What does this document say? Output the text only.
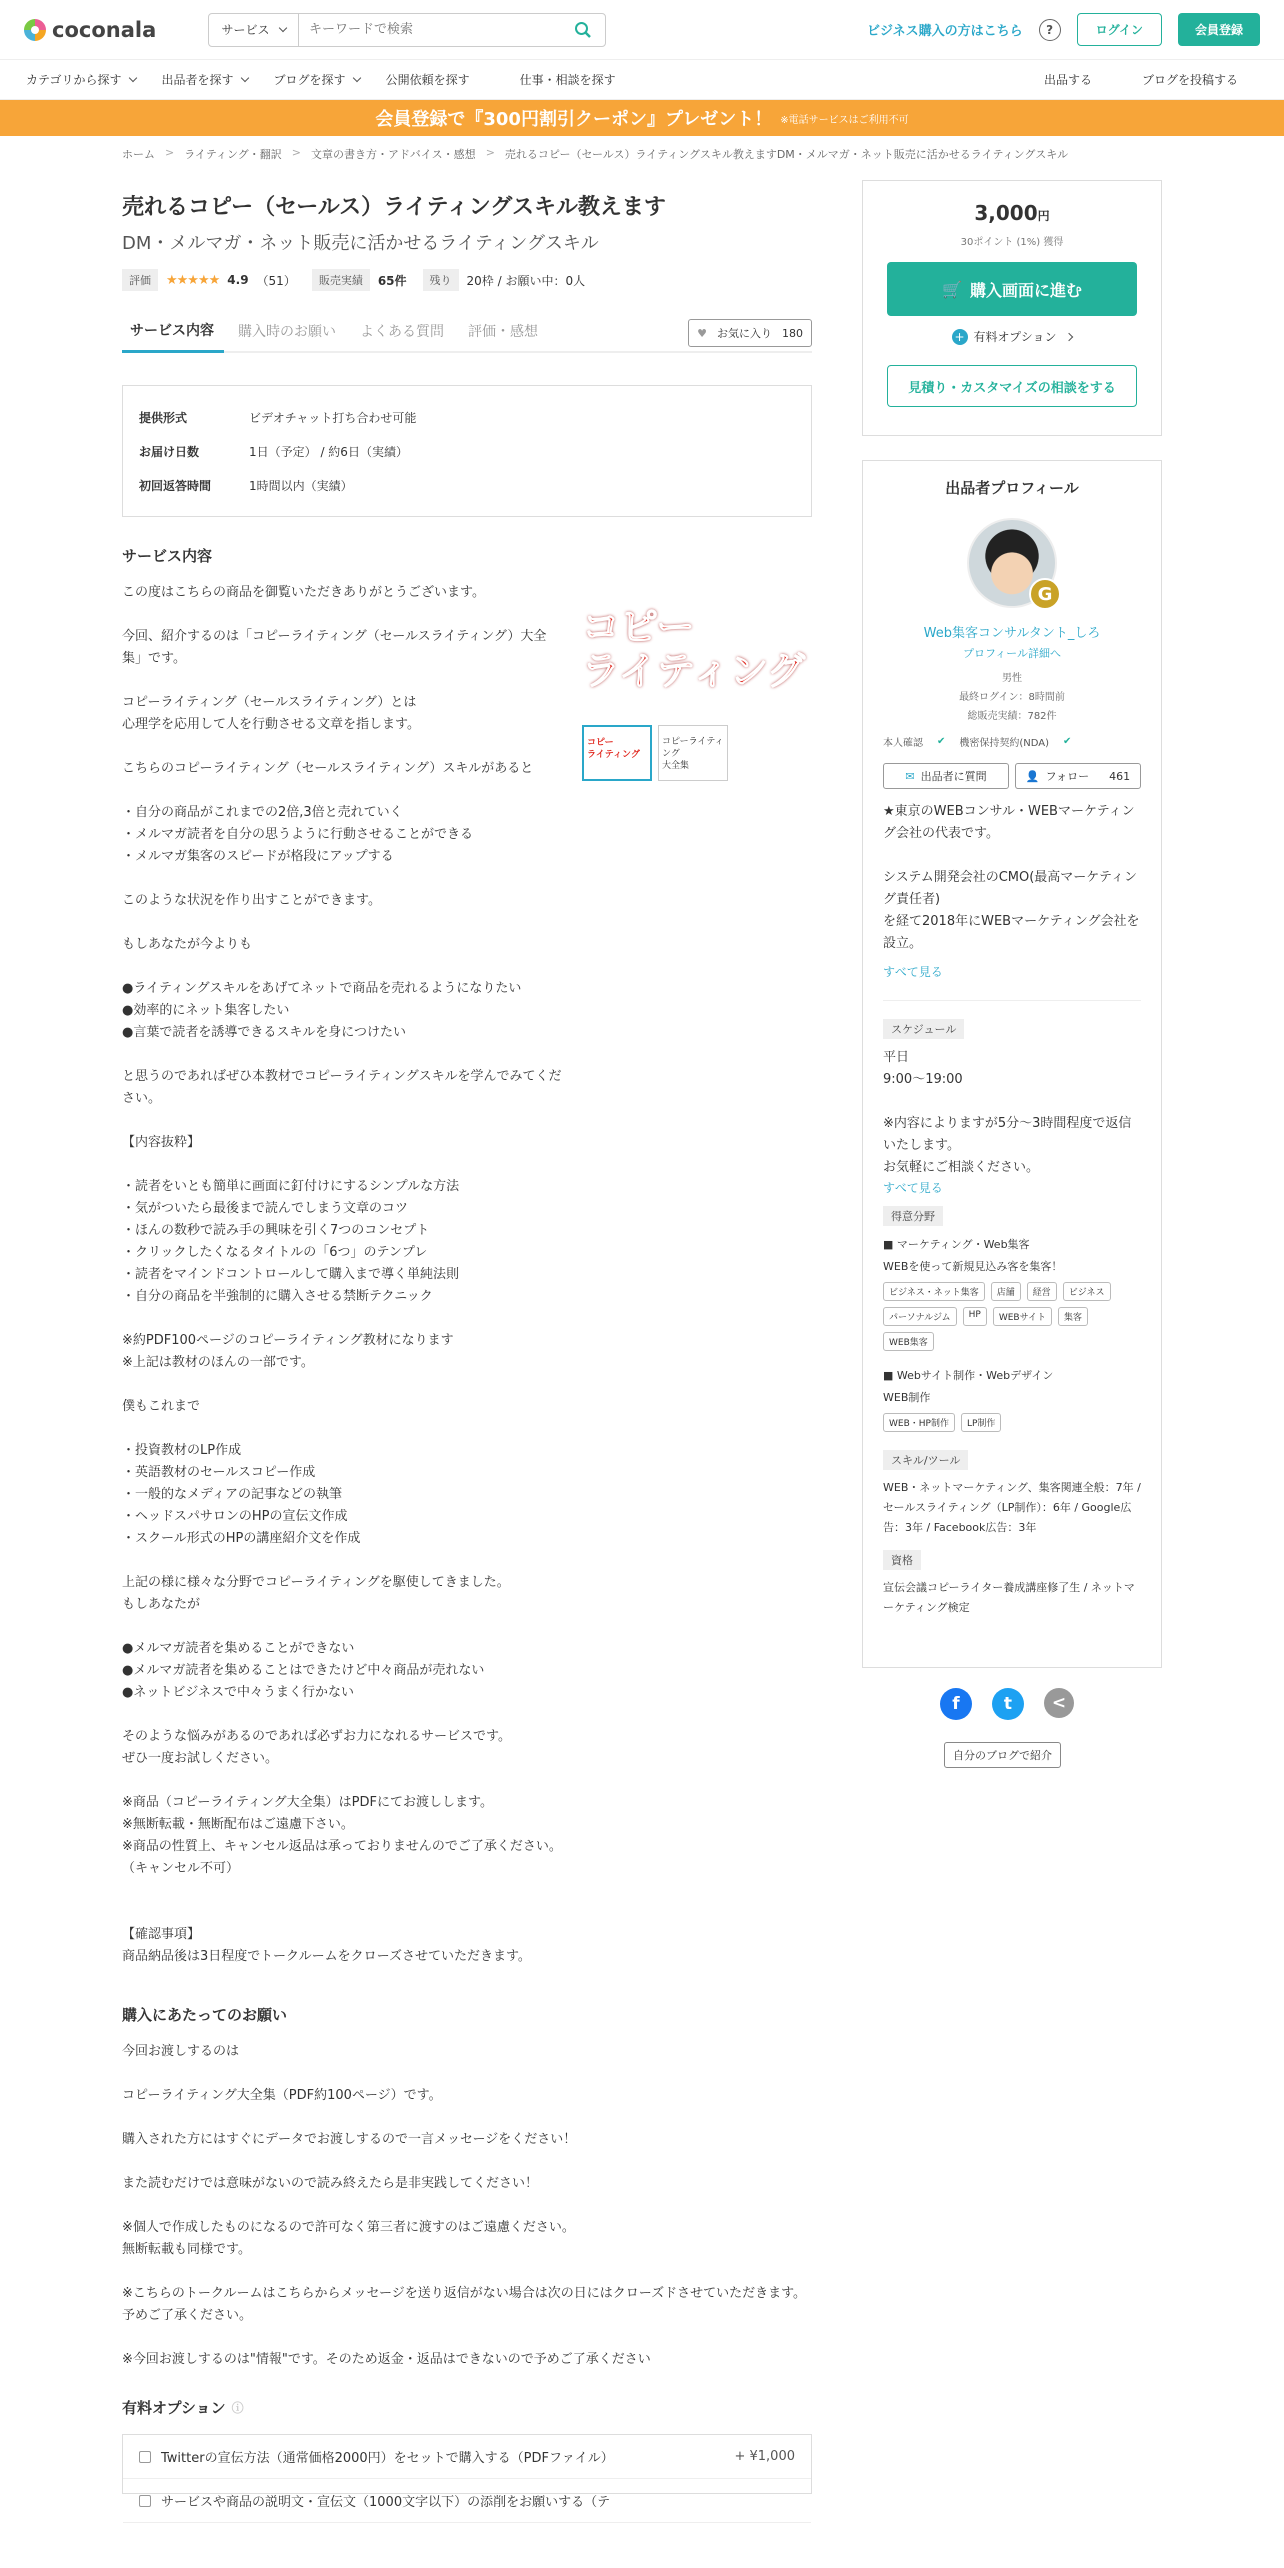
coconala	サービス
キーワードで検索	ビジネス購入の方はこちら	?	ログイン	会員登録
カテゴリから探す	出品者を探す	ブログを探す	公開依頼を探す	仕事・相談を探す	出品する	ブログを投稿する
会員登録で『300円割引クーポン』プレゼント！ ※電話サービスはご利用不可
ホーム > ライティング・翻訳 > 文章の書き方・アドバイス・感想 > 売れるコピー（セールス）ライティングスキル教えますDM・メルマガ・ネット販売に活かせるライティングスキル
売れるコピー（セールス）ライティングスキル教えます
DM・メルマガ・ネット販売に活かせるライティングスキル
評価	★★★★★ 4.9 （51）	販売実績	65件	残り	20枠 / お願い中：0人
サービス内容	購入時のお願い	よくある質問	評価・感想	♥ お気に入り 180
提供形式	ビデオチャット打ち合わせ可能
お届け日数	1日（予定） / 約6日（実績）
初回返答時間	1時間以内（実績）
サービス内容
この度はこちらの商品を御覧いただきありがとうございます。

今回、紹介するのは「コピーライティング（セールスライティング）大全集」です。

コピーライティング（セールスライティング）とは
心理学を応用して人を行動させる文章を指します。

こちらのコピーライティング（セールスライティング）スキルがあると

・自分の商品がこれまでの2倍,3倍と売れていく
・メルマガ読者を自分の思うように行動させることができる
・メルマガ集客のスピードが格段にアップする

このような状況を作り出すことができます。

もしあなたが今よりも

●ライティングスキルをあげてネットで商品を売れるようになりたい
●効率的にネット集客したい
●言葉で読者を誘導できるスキルを身につけたい

と思うのであればぜひ本教材でコピーライティングスキルを学んでみてください。

【内容抜粋】

・読者をいとも簡単に画面に釘付けにするシンプルな方法
・気がついたら最後まで読んでしまう文章のコツ
・ほんの数秒で読み手の興味を引く7つのコンセプト
・クリックしたくなるタイトルの「6つ」のテンプレ
・読者をマインドコントロールして購入まで導く単純法則
・自分の商品を半強制的に購入させる禁断テクニック

※約PDF100ページのコピーライティング教材になります
※上記は教材のほんの一部です。

僕もこれまで

・投資教材のLP作成
・英語教材のセールスコピー作成
・一般的なメディアの記事などの執筆
・ヘッドスパサロンのHPの宣伝文作成
・スクール形式のHPの講座紹介文を作成

上記の様に様々な分野でコピーライティングを駆使してきました。
もしあなたが

●メルマガ読者を集めることができない
●メルマガ読者を集めることはできたけど中々商品が売れない
●ネットビジネスで中々うまく行かない

そのような悩みがあるのであれば必ずお力になれるサービスです。
ぜひ一度お試しください。

※商品（コピーライティング大全集）はPDFにてお渡しします。
※無断転載・無断配布はご遠慮下さい。
※商品の性質上、キャンセル返品は承っておりませんのでご了承ください。（キャンセル不可）

【確認事項】
商品納品後は3日程度でトークルームをクローズさせていただきます。
コピー
ライティング
コピー
ライティング
コピーライティング
大全集
購入にあたってのお願い
今回お渡しするのは

コピーライティング大全集（PDF約100ページ）です。

購入された方にはすぐにデータでお渡しするので一言メッセージをください！

また読むだけでは意味がないので読み終えたら是非実践してください！

※個人で作成したものになるので許可なく第三者に渡すのはご遠慮ください。
無断転載も同様です。

※こちらのトークルームはこちらからメッセージを送り返信がない場合は次の日にはクローズドさせていただきます。予めご了承ください。

※今回お渡しするのは"情報"です。そのため返金・返品はできないので予めご了承ください
有料オプション ⓘ
Twitterの宣伝方法（通常価格2000円）をセットで購入する（PDFファイル）	+ ¥1,000
サービスや商品の説明文・宣伝文（1000文字以下）の添削をお願いする（テ
3,000円
30ポイント (1%) 獲得
🛒 購入画面に進む
+ 有料オプション
見積り・カスタマイズの相談をする
出品者プロフィール
G
Web集客コンサルタント_しろ
プロフィール詳細へ
男性
最終ログイン：8時間前
総販売実績：782件
本人確認 ✔ 機密保持契約(NDA) ✔
✉ 出品者に質問	👤 フォロー 461
★東京のWEBコンサル・WEBマーケティング会社の代表です。

システム開発会社のCMO(最高マーケティング責任者)
を経て2018年にWEBマーケティング会社を設立。
すべて見る
スケジュール
平日
9:00〜19:00

※内容によりますが5分〜3時間程度で返信いたします。
お気軽にご相談ください。
すべて見る
得意分野
■ マーケティング・Web集客
WEBを使って新規見込み客を集客！
ビジネス・ネット集客	店舗	経営	ビジネス
パーソナルジム	HP	WEBサイト	集客
WEB集客
■ Webサイト制作・Webデザイン
WEB制作
WEB・HP制作	LP制作
スキル/ツール
WEB・ネットマーケティング、集客関連全般：7年 / セールスライティング（LP制作）：6年 / Google広告：3年 / Facebook広告：3年
資格
宣伝会議コピーライター養成講座修了生 / ネットマーケティング検定
f	t	<
自分のブログで紹介
